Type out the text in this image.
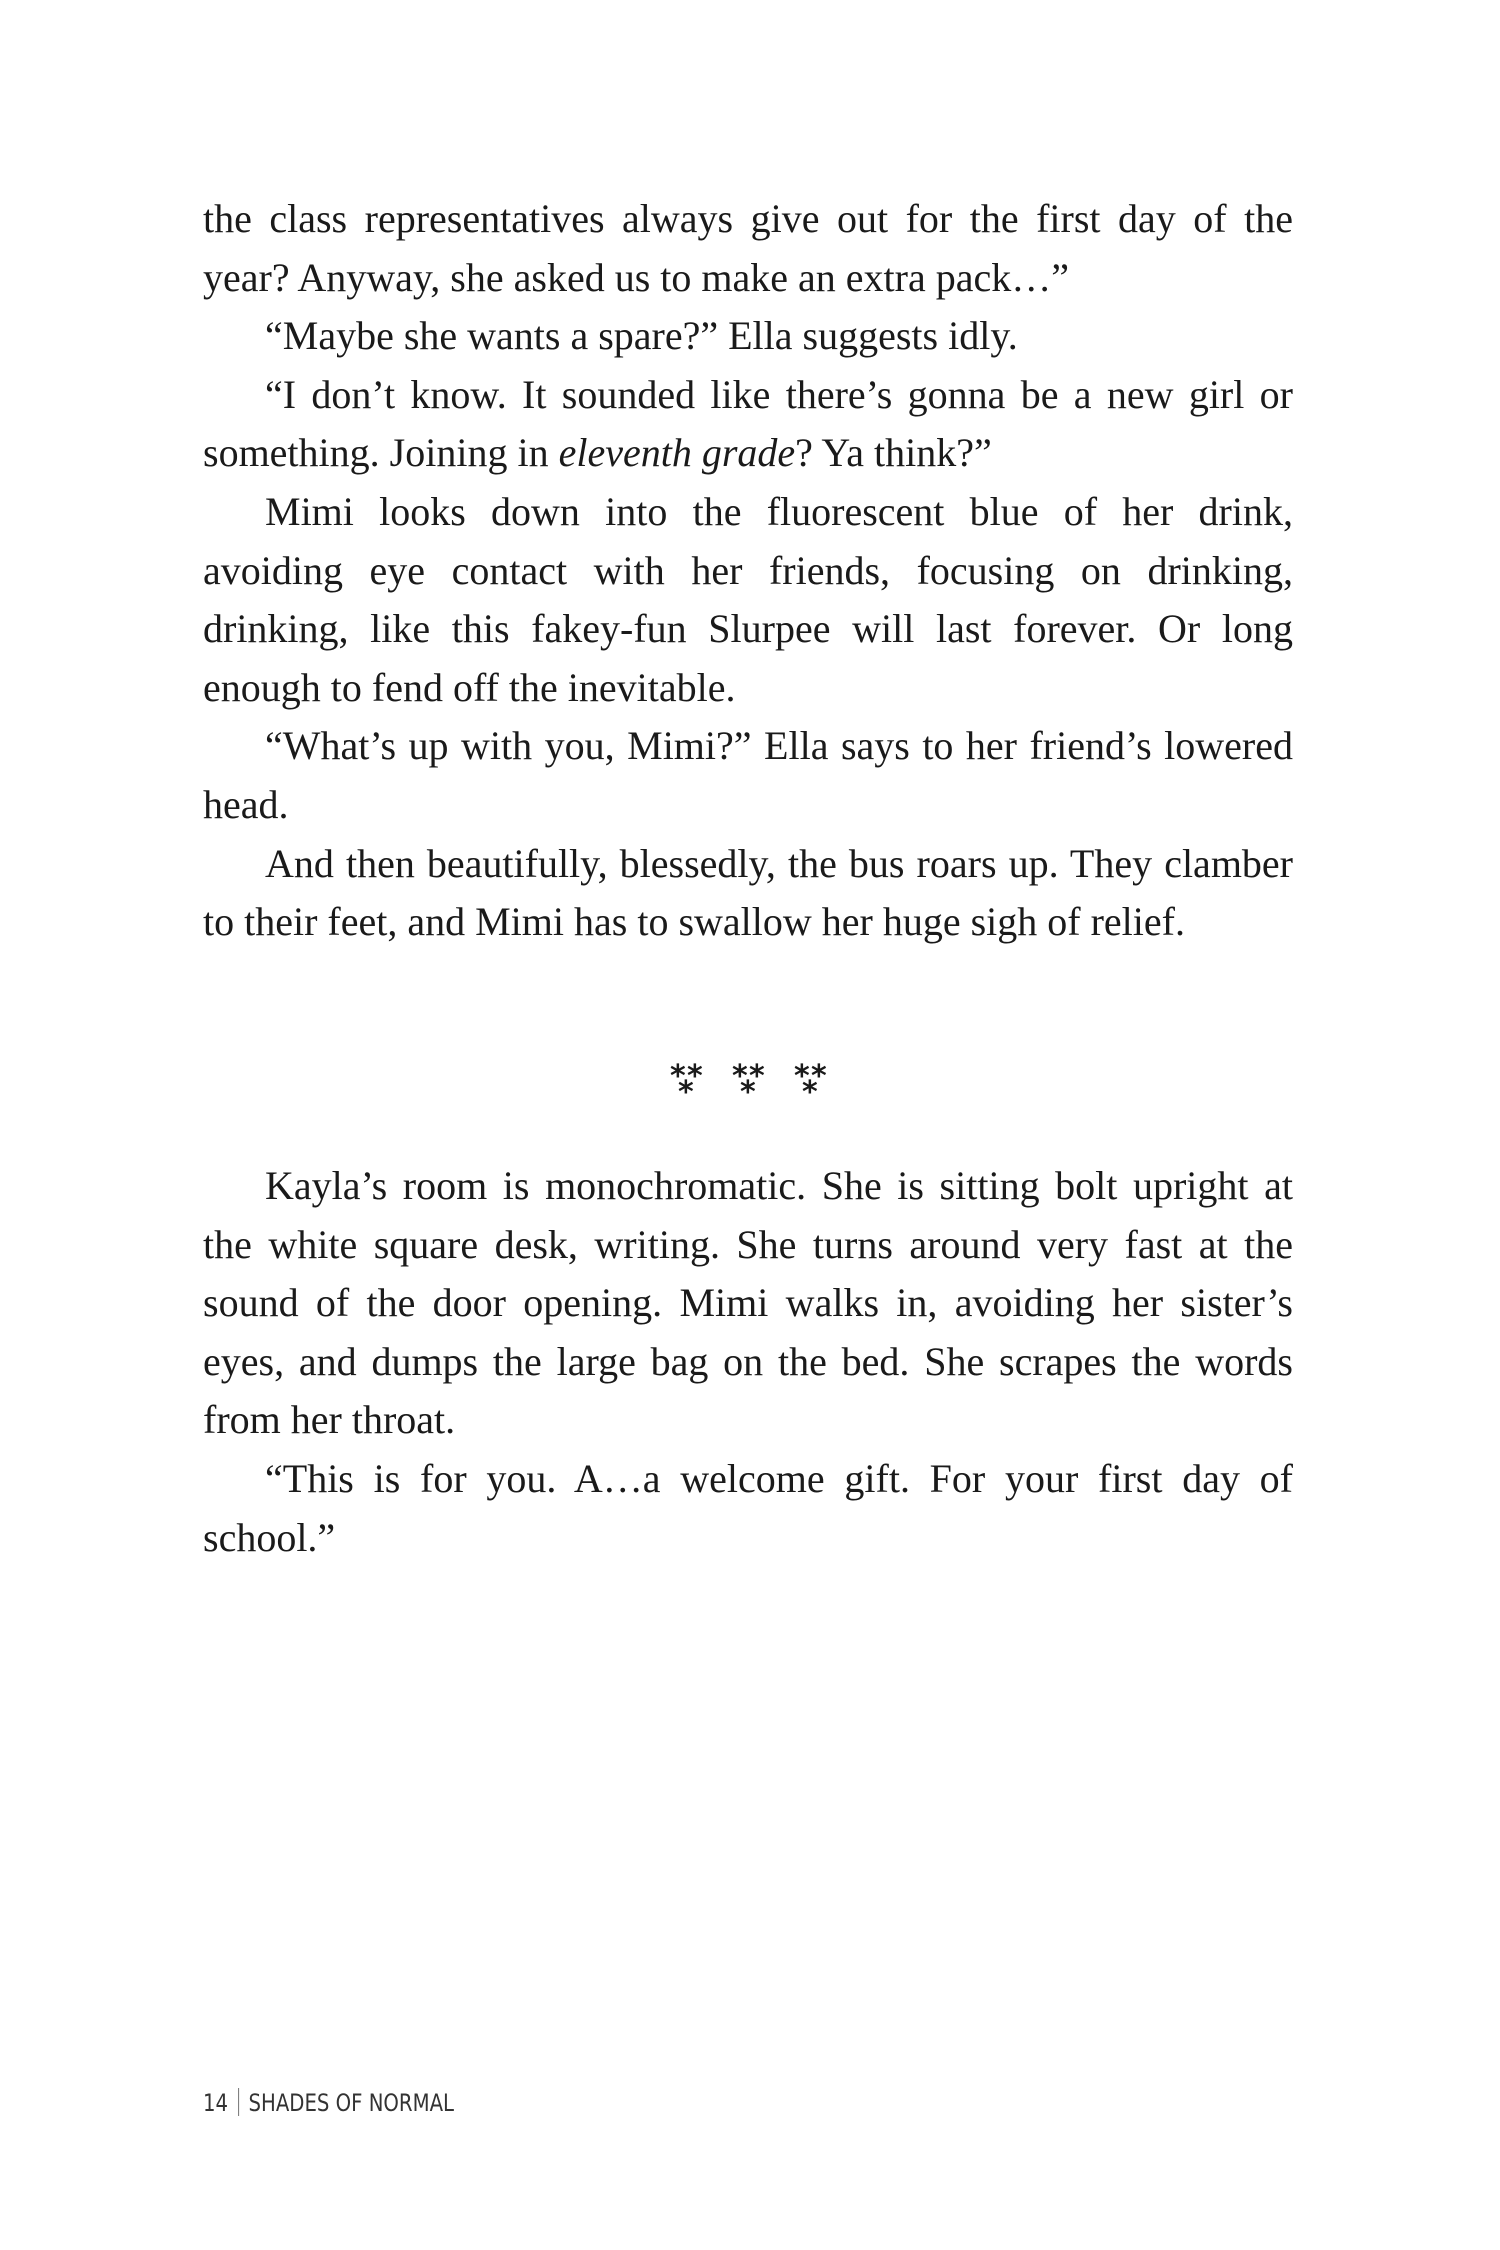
the class representatives always give out for the first day of the year? Anyway, she asked us to make an extra pack…”

“Maybe she wants a spare?” Ella suggests idly.

“I don’t know. It sounded like there’s gonna be a new girl or something. Joining in eleventh grade? Ya think?”

Mimi looks down into the fluorescent blue of her drink, avoiding eye contact with her friends, focusing on drinking, drinking, like this fakey-fun Slurpee will last forever. Or long enough to fend off the inevitable.

“What’s up with you, Mimi?” Ella says to her friend’s lowered head.

And then beautifully, blessedly, the bus roars up. They clamber to their feet, and Mimi has to swallow her huge sigh of relief.

* *
* * *
* * *
*

Kayla’s room is monochromatic. She is sitting bolt upright at the white square desk, writing. She turns around very fast at the sound of the door opening. Mimi walks in, avoiding her sister’s eyes, and dumps the large bag on the bed. She scrapes the words from her throat.

“This is for you. A…a welcome gift. For your first day of school.”

14 SHADES OF NORMAL
